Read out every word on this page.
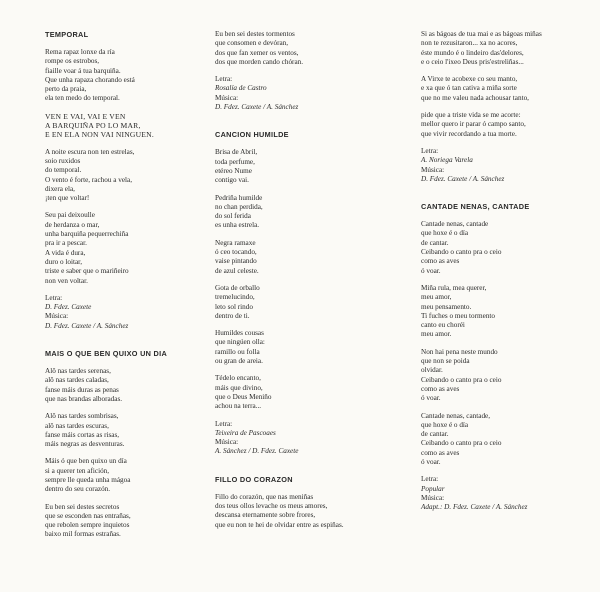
TEMPORAL
Rema rapaz lonxe da ría
rompe os estrobos,
fiaille voar á tua barquiña.
Que unha rapaza chorando está
perto da praia,
ela ten medo do temporal.
VEN E VAI, VAI E VEN
A BARQUIÑA PO LO MAR,
E EN ELA NON VAI NINGUEN.
A noite escura non ten estrelas,
soio ruxidos
do temporal.
O vento é forte, rachou a vela,
dixera ela,
¡ten que voltar!
Seu pai deixoulle
de herdanza o mar,
unha barquiña pequerrechiña
pra ir a pescar.
A vida é dura,
duro o loitar,
triste e saber que o mariñeiro
non ven voltar.
Letra:
D. Fdez. Caxete
Música:
D. Fdez. Caxete / A. Sánchez
MAIS O QUE BEN QUIXO UN DIA
Alô nas tardes serenas,
alô nas tardes caladas,
fanse máis duras as penas
que nas brandas alboradas.
Alô nas tardes sombrisas,
alô nas tardes escuras,
fanse máis cortas as risas,
máis negras as desventuras.
Máis ó que ben quixo un día
si a querer ten afición,
sempre lle queda unha mágoa
dentro do seu corazón.
Eu ben sei destes secretos
que se esconden nas entrañas,
que rebolen sempre inquietos
baixo mil formas estrañas.
Eu ben sei destes tormentos
que consomen e devóran,
dos que fan xemer os ventos,
dos que morden cando chóran.
Letra:
Rosalía de Castro
Música:
D. Fdez. Caxete / A. Sánchez
CANCION HUMILDE
Brisa de Abril,
toda perfume,
etéreo Nume
contigo vai.
Pedriña humilde
no chan perdida,
do sol ferida
es unha estrela.
Negra ramaxe
ó ceo tocando,
vaise pintando
de azul celeste.
Gota de orballo
tremelucindo,
leto sol rindo
dentro de ti.
Humildes cousas
que ningúen olla:
ramillo ou folla
ou gran de areia.
Tédelo encanto,
máis que divino,
que o Deus Meniño
achou na terra...
Letra:
Teixeira de Pascoaes
Música:
A. Sánchez / D. Fdez. Caxete
FILLO DO CORAZON
Fillo do corazón, que nas meniñas
dos teus ollos levache os meus amores,
descansa eternamente sobre frores,
que eu non te hei de olvidar entre as espiñas.
Si as bágoas de tua mai e as bágoas miñas
non te rezusitaron... xa no acores,
éste mundo é o lindeiro das'delores,
e o ceio l'ixeo Deus pris'estreliñas...
A Virxe te acobexe co seu manto,
e xa que ó tan cativa a miña sorte
que no me valeu nada achousar tanto,
pide que a triste vida se me acorte:
mellor quero ir parar ó campo santo,
que vivir recordando a tua morte.
Letra:
A. Noriega Varela
Música:
D. Fdez. Caxete / A. Sánchez
CANTADE NENAS, CANTADE
Cantade nenas, cantade
que hoxe é o día
de cantar.
Ceibando o canto pra o ceio
como as aves
ó voar.
Miña rula, mea querer,
meu amor,
meu pensamento.
Ti fuches o meu tormento
canto eu choréi
meu amor.
Non hai pena neste mundo
que non se poida
olvidar.
Ceibando o canto pra o ceio
como as aves
ó voar.
Cantade nenas, cantade,
que hoxe é o día
de cantar.
Ceibando o canto pra o ceio
como as aves
ó voar.
Letra:
Popular
Música:
Adapt.: D. Fdez. Caxete / A. Sánchez
